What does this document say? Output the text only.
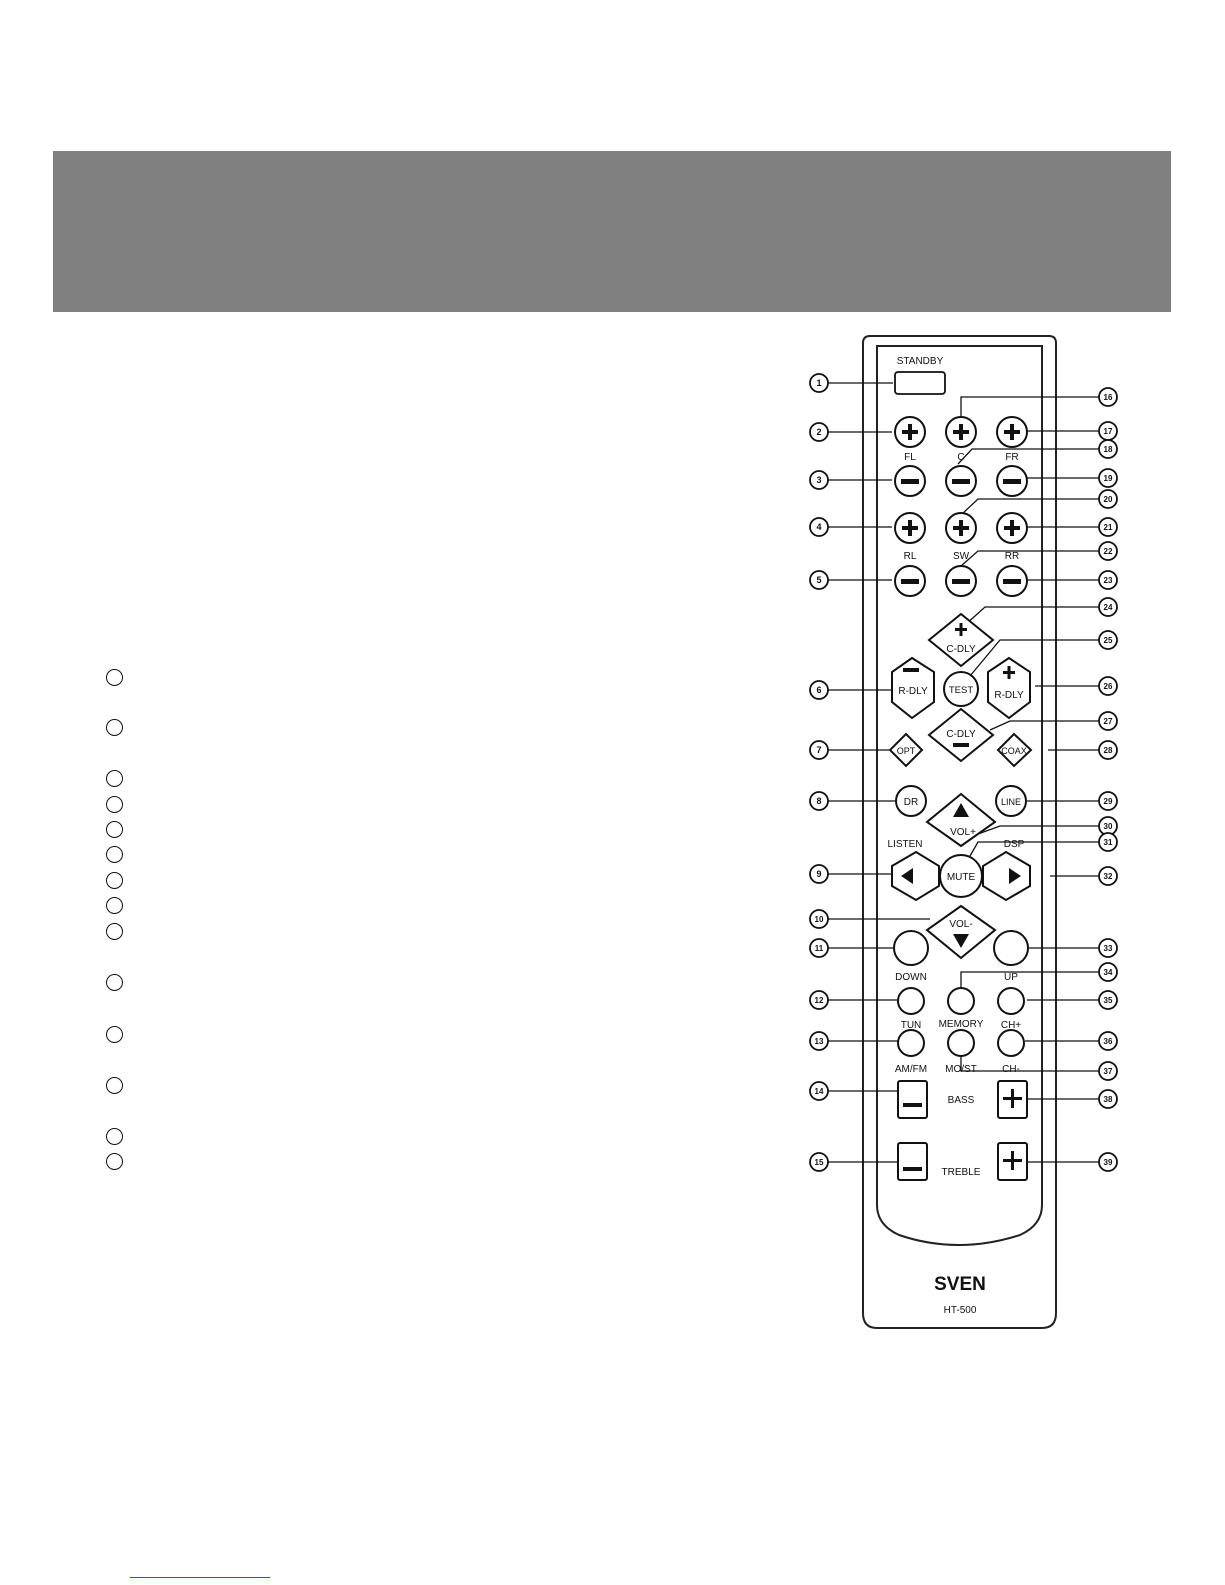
STANDBY
FL	C	FR
RL	SW	RR
C-DLY
R-DLY TEST R-DLY
C-DLY
OPT	COAX
DR	LINE
VOL+
LISTEN	DSP
MUTE
VOL-
DOWN	UP
TUN MEMORY CH+
AM/FM MO/ST	CH-
BASS
TREBLE
SVEN
HT-500
1
2
3
4
5
6
7
8
9
10
11
12
13
14
15
16
17
18
19
20
21
22
23
24
25
26
27
28
29
30
31
32
33
34
35
36
37
38
39
